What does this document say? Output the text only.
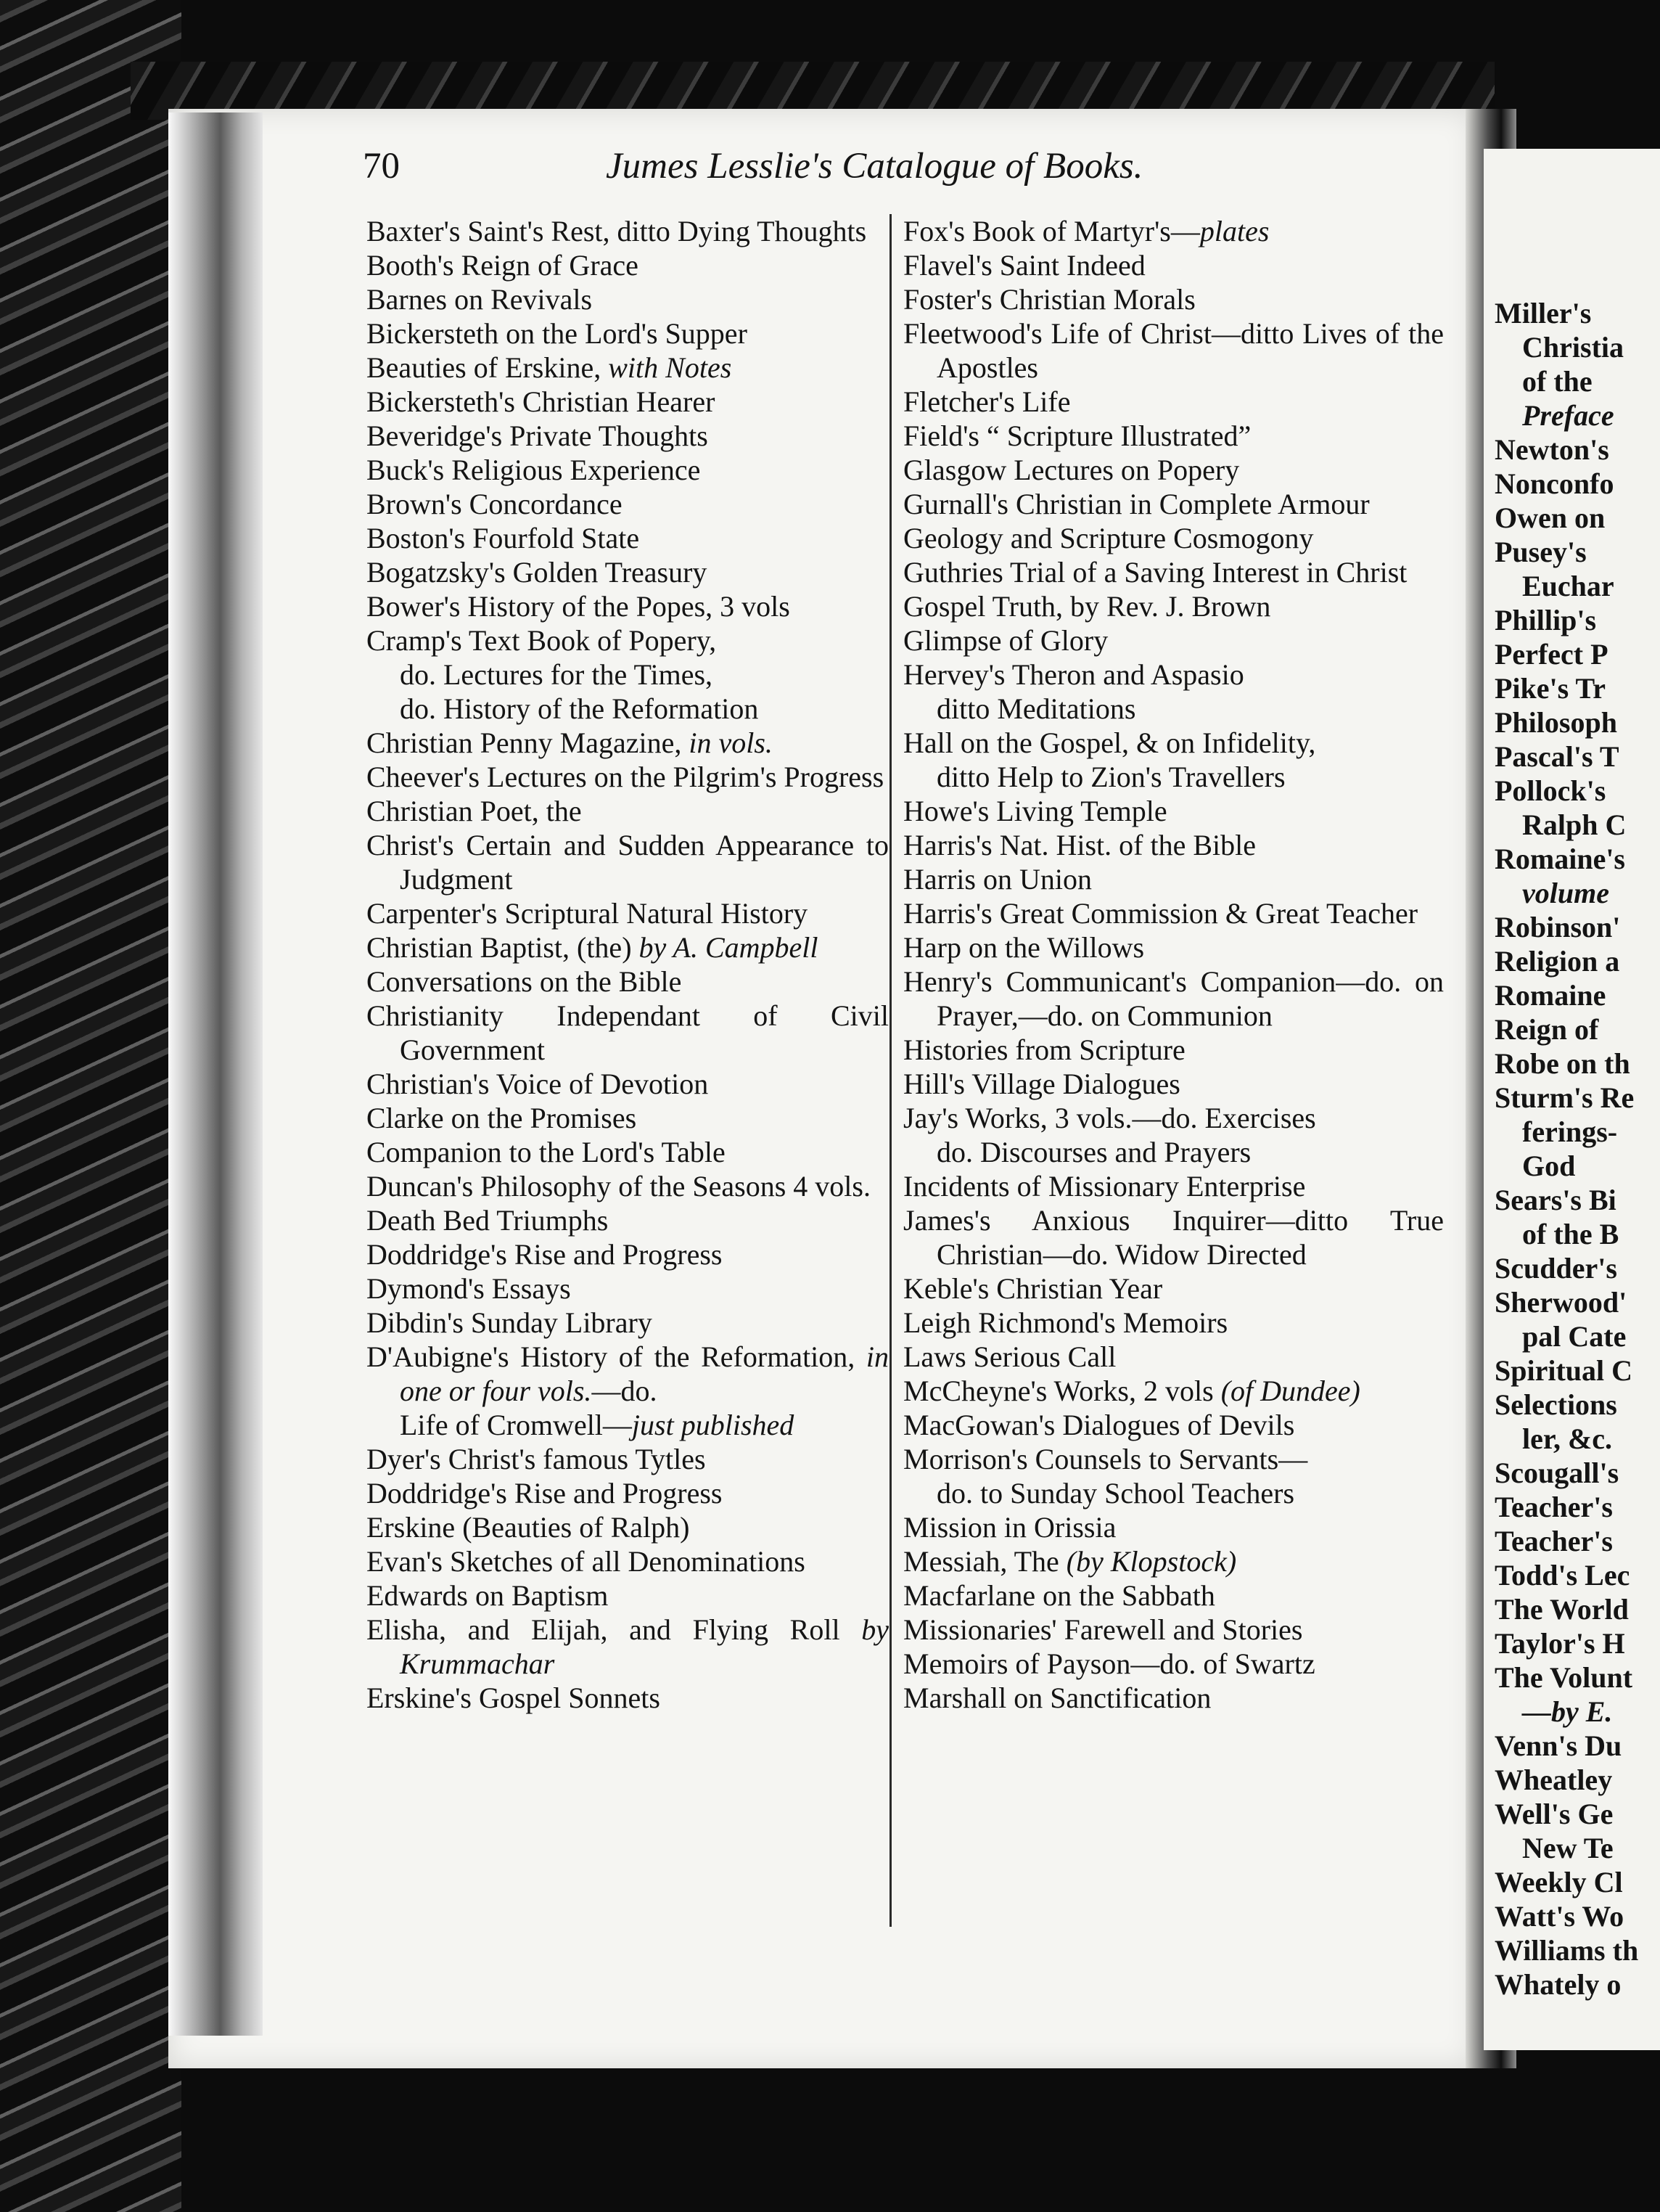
70	Jumes Lesslie's Catalogue of Books.

Baxter's Saint's Rest, ditto Dying Thoughts

Booth's Reign of Grace

Barnes on Revivals

Bickersteth on the Lord's Supper

Beauties of Erskine, with Notes

Bickersteth's Christian Hearer

Beveridge's Private Thoughts

Buck's Religious Experience

Brown's Concordance

Boston's Fourfold State

Bogatzsky's Golden Treasury

Bower's History of the Popes, 3 vols

Cramp's Text Book of Popery,

do. Lectures for the Times,

do. History of the Reformation

Christian Penny Magazine, in vols.

Cheever's Lectures on the Pilgrim's Progress

Christian Poet, the

Christ's Certain and Sudden Appearance to Judgment

Carpenter's Scriptural Natural History

Christian Baptist, (the) by A. Campbell

Conversations on the Bible

Christianity Independant of Civil Government

Christian's Voice of Devotion

Clarke on the Promises

Companion to the Lord's Table

Duncan's Philosophy of the Seasons 4 vols.

Death Bed Triumphs

Doddridge's Rise and Progress

Dymond's Essays

Dibdin's Sunday Library

D'Aubigne's History of the Reformation, in one or four vols.—do.

Life of Cromwell—just published

Dyer's Christ's famous Tytles

Doddridge's Rise and Progress

Erskine (Beauties of Ralph)

Evan's Sketches of all Denominations

Edwards on Baptism

Elisha, and Elijah, and Flying Roll by Krummachar

Erskine's Gospel Sonnets

Fox's Book of Martyr's—plates

Flavel's Saint Indeed

Foster's Christian Morals

Fleetwood's Life of Christ—ditto Lives of the Apostles

Fletcher's Life

Field's “ Scripture Illustrated”

Glasgow Lectures on Popery

Gurnall's Christian in Complete Armour

Geology and Scripture Cosmogony

Guthries Trial of a Saving Interest in Christ

Gospel Truth, by Rev. J. Brown

Glimpse of Glory

Hervey's Theron and Aspasio

ditto Meditations

Hall on the Gospel, & on Infidelity,

ditto Help to Zion's Travellers

Howe's Living Temple

Harris's Nat. Hist. of the Bible

Harris on Union

Harris's Great Commission & Great Teacher

Harp on the Willows

Henry's Communicant's Companion—do. on Prayer,—do. on Communion

Histories from Scripture

Hill's Village Dialogues

Jay's Works, 3 vols.—do. Exercises

do. Discourses and Prayers

Incidents of Missionary Enterprise

James's Anxious Inquirer—ditto True Christian—do. Widow Directed

Keble's Christian Year

Leigh Richmond's Memoirs

Laws Serious Call

McCheyne's Works, 2 vols (of Dundee)

MacGowan's Dialogues of Devils

Morrison's Counsels to Servants—

do. to Sunday School Teachers

Mission in Orissia

Messiah, The (by Klopstock)

Macfarlane on the Sabbath

Missionaries' Farewell and Stories

Memoirs of Payson—do. of Swartz

Marshall on Sanctification

Miller's
Christia
of the
Preface
Newton's
Nonconfo
Owen on
Pusey's
Euchar
Phillip's
Perfect P
Pike's Tr
Philosoph
Pascal's T
Pollock's
Ralph C
Romaine's
volume
Robinson'
Religion a
Romaine
Reign of
Robe on th
Sturm's Re
ferings-
God
Sears's Bi
of the B
Scudder's
Sherwood'
pal Cate
Spiritual C
Selections
ler, &c.
Scougall's
Teacher's
Teacher's
Todd's Lec
The World
Taylor's H
The Volunt
—by E.
Venn's Du
Wheatley
Well's Ge
New Te
Weekly Cl
Watt's Wo
Williams th
Whately o
